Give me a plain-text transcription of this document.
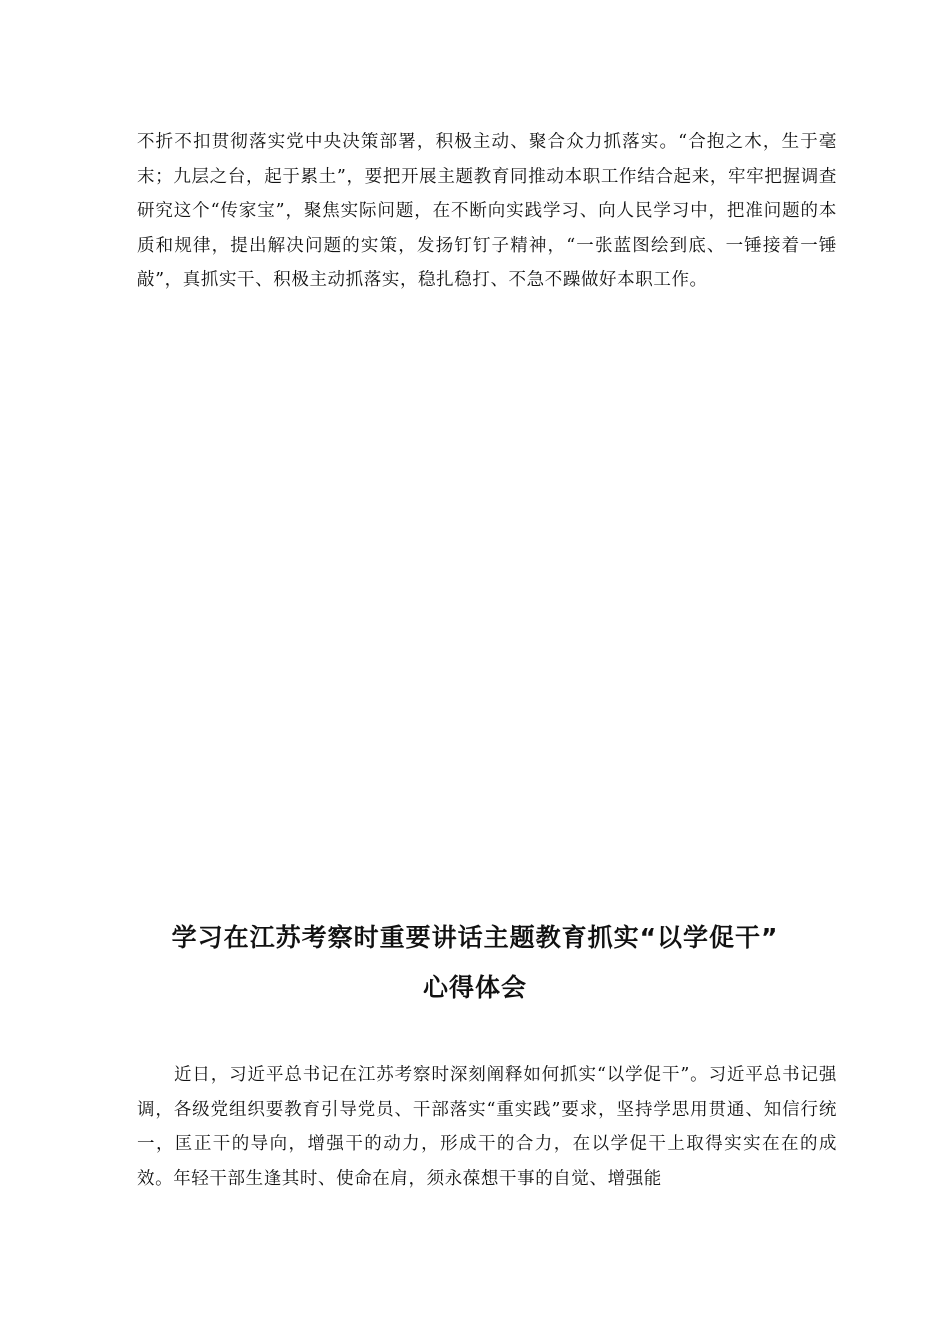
不折不扣贯彻落实党中央决策部署，积极主动、聚合众力抓落实。“合抱之木，生于毫末；九层之台，起于累土”，要把开展主题教育同推动本职工作结合起来，牢牢把握调查研究这个“传家宝”，聚焦实际问题，在不断向实践学习、向人民学习中，把准问题的本质和规律，提出解决问题的实策，发扬钉钉子精神，“一张蓝图绘到底、一锤接着一锤敲”，真抓实干、积极主动抓落实，稳扎稳打、不急不躁做好本职工作。

学习在江苏考察时重要讲话主题教育抓实“以学促干”
心得体会

近日，习近平总书记在江苏考察时深刻阐释如何抓实“以学促干”。习近平总书记强调，各级党组织要教育引导党员、干部落实“重实践”要求，坚持学思用贯通、知信行统一，匡正干的导向，增强干的动力，形成干的合力，在以学促干上取得实实在在的成效。年轻干部生逢其时、使命在肩，须永葆想干事的自觉、增强能
